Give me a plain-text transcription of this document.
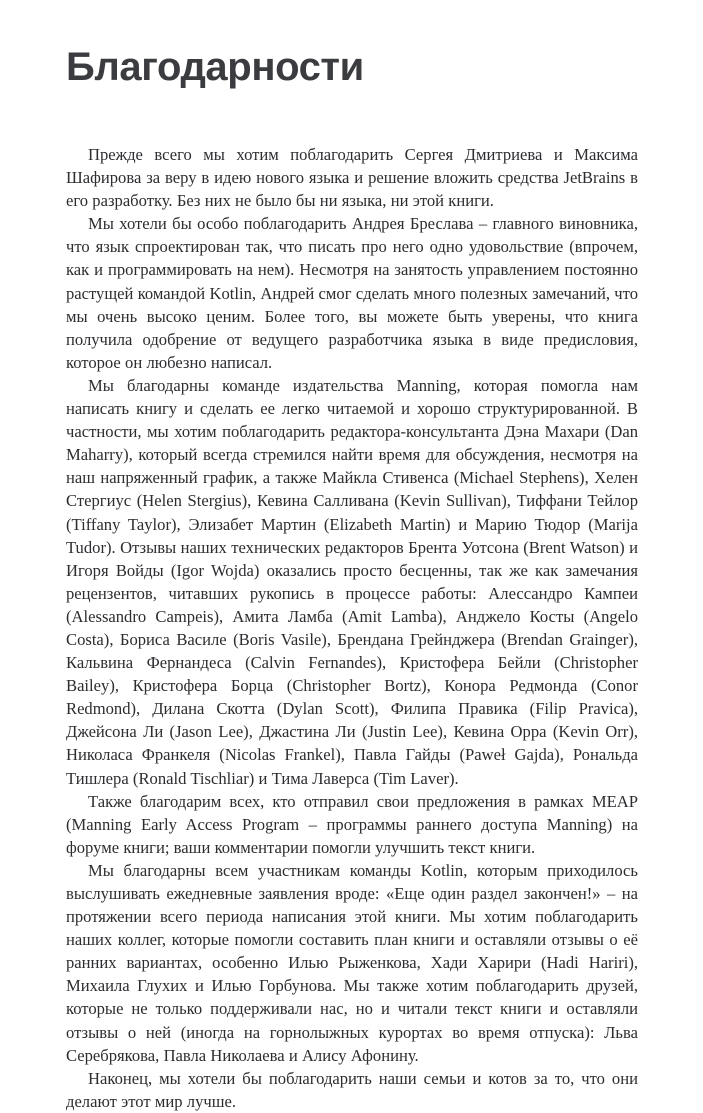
Благодарности

Прежде всего мы хотим поблагодарить Сергея Дмитриева и Максима Шафирова за веру в идею нового языка и решение вложить средства JetBrains в его разработку. Без них не было бы ни языка, ни этой книги.

Мы хотели бы особо поблагодарить Андрея Бреслава – главного виновника, что язык спроектирован так, что писать про него одно удовольствие (впрочем, как и программировать на нем). Несмотря на занятость управлением постоянно растущей командой Kotlin, Андрей смог сделать много полезных замечаний, что мы очень высоко ценим. Более того, вы можете быть уверены, что книга получила одобрение от ведущего разработчика языка в виде предисловия, которое он любезно написал.

Мы благодарны команде издательства Manning, которая помогла нам написать книгу и сделать ее легко читаемой и хорошо структурированной. В частности, мы хотим поблагодарить редактора-консультанта Дэна Махари (Dan Maharry), который всегда стремился найти время для обсуждения, несмотря на наш напряженный график, а также Майкла Стивенса (Michael Stephens), Хелен Стергиус (Helen Stergius), Кевина Салливана (Kevin Sullivan), Тиффани Тейлор (Tiffany Taylor), Элизабет Мартин (Elizabeth Martin) и Марию Тюдор (Marija Tudor). Отзывы наших технических редакторов Брента Уотсона (Brent Watson) и Игоря Войды (Igor Wojda) оказались просто бесценны, так же как замечания рецензентов, читавших рукопись в процессе работы: Алессандро Кампеи (Alessandro Campeis), Амита Ламба (Amit Lamba), Анджело Косты (Angelo Costa), Бориса Василе (Boris Vasile), Брендана Грейнджера (Brendan Grainger), Кальвина Фернандеса (Calvin Fernandes), Кристофера Бейли (Christopher Bailey), Кристофера Борца (Christopher Bortz), Конора Редмонда (Conor Redmond), Дилана Скотта (Dylan Scott), Филипа Правика (Filip Pravica), Джейсона Ли (Jason Lee), Джастина Ли (Justin Lee), Кевина Орра (Kevin Orr), Николаса Франкеля (Nicolas Frankel), Павла Гайды (Paweł Gajda), Рональда Тишлера (Ronald Tischliar) и Тима Лаверса (Tim Laver).

Также благодарим всех, кто отправил свои предложения в рамках MEAP (Manning Early Access Program – программы раннего доступа Manning) на форуме книги; ваши комментарии помогли улучшить текст книги.

Мы благодарны всем участникам команды Kotlin, которым приходилось выслушивать ежедневные заявления вроде: «Еще один раздел закончен!» – на протяжении всего периода написания этой книги. Мы хотим поблагодарить наших коллег, которые помогли составить план книги и оставляли отзывы о её ранних вариантах, особенно Илью Рыженкова, Хади Харири (Hadi Hariri), Михаила Глухих и Илью Горбунова. Мы также хотим поблагодарить друзей, которые не только поддерживали нас, но и читали текст книги и оставляли отзывы о ней (иногда на горнолыжных курортах во время отпуска): Льва Серебрякова, Павла Николаева и Алису Афонину.

Наконец, мы хотели бы поблагодарить наши семьи и котов за то, что они делают этот мир лучше.
